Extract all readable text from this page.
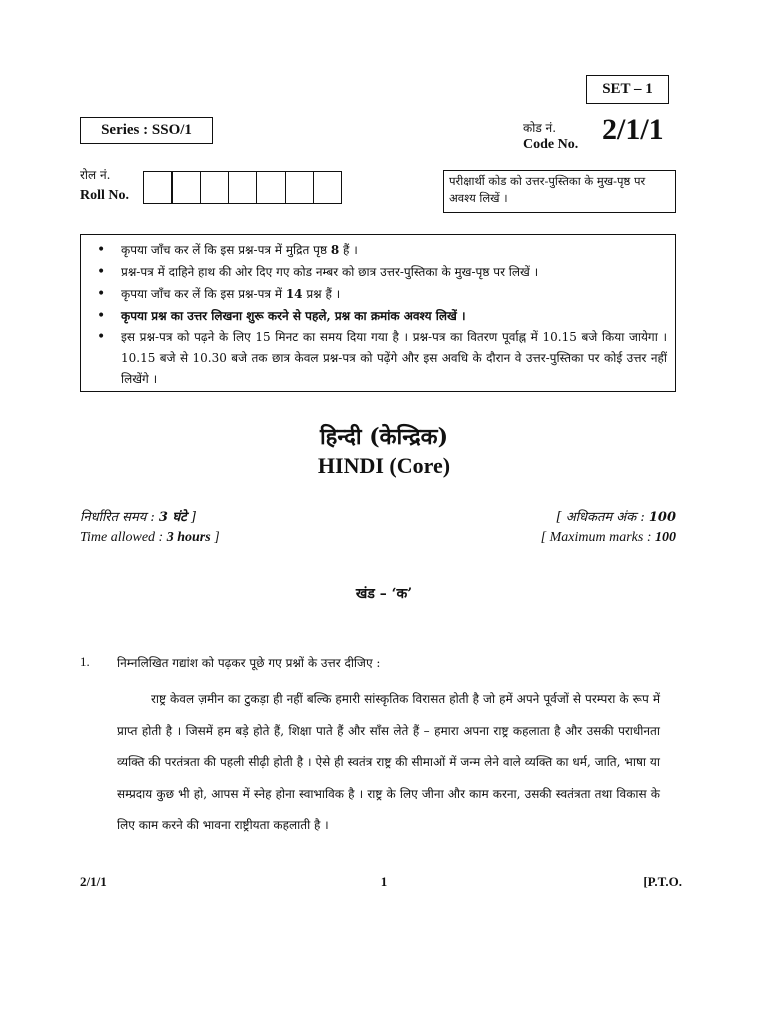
SET – 1
Series : SSO/1	कोड नं.
Code No. 2/1/1
रोल नं.
Roll No.
परीक्षार्थी कोड को उत्तर-पुस्तिका के मुख-पृष्ठ पर अवश्य लिखें ।
• कृपया जाँच कर लें कि इस प्रश्न-पत्र में मुद्रित पृष्ठ 8 हैं ।
• प्रश्न-पत्र में दाहिने हाथ की ओर दिए गए कोड नम्बर को छात्र उत्तर-पुस्तिका के मुख-पृष्ठ पर लिखें ।
• कृपया जाँच कर लें कि इस प्रश्न-पत्र में 14 प्रश्न हैं ।
• कृपया प्रश्न का उत्तर लिखना शुरू करने से पहले, प्रश्न का क्रमांक अवश्य लिखें ।
• इस प्रश्न-पत्र को पढ़ने के लिए 15 मिनट का समय दिया गया है । प्रश्न-पत्र का वितरण पूर्वाह्न में 10.15 बजे किया जायेगा । 10.15 बजे से 10.30 बजे तक छात्र केवल प्रश्न-पत्र को पढ़ेंगे और इस अवधि के दौरान वे उत्तर-पुस्तिका पर कोई उत्तर नहीं लिखेंगे ।
हिन्दी (केन्द्रिक)
HINDI (Core)
निर्धारित समय : 3 घंटे ]
Time allowed : 3 hours ]
[ अधिकतम अंक : 100
[ Maximum marks : 100
खंड – ‘क’
1. निम्नलिखित गद्यांश को पढ़कर पूछे गए प्रश्नों के उत्तर दीजिए :
राष्ट्र केवल ज़मीन का टुकड़ा ही नहीं बल्कि हमारी सांस्कृतिक विरासत होती है जो हमें अपने पूर्वजों से परम्परा के रूप में प्राप्त होती है । जिसमें हम बड़े होते हैं, शिक्षा पाते हैं और साँस लेते हैं – हमारा अपना राष्ट्र कहलाता है और उसकी पराधीनता व्यक्ति की परतंत्रता की पहली सीढ़ी होती है । ऐसे ही स्वतंत्र राष्ट्र की सीमाओं में जन्म लेने वाले व्यक्ति का धर्म, जाति, भाषा या सम्प्रदाय कुछ भी हो, आपस में स्नेह होना स्वाभाविक है । राष्ट्र के लिए जीना और काम करना, उसकी स्वतंत्रता तथा विकास के लिए काम करने की भावना राष्ट्रीयता कहलाती है ।
2/1/1	1	[P.T.O.
